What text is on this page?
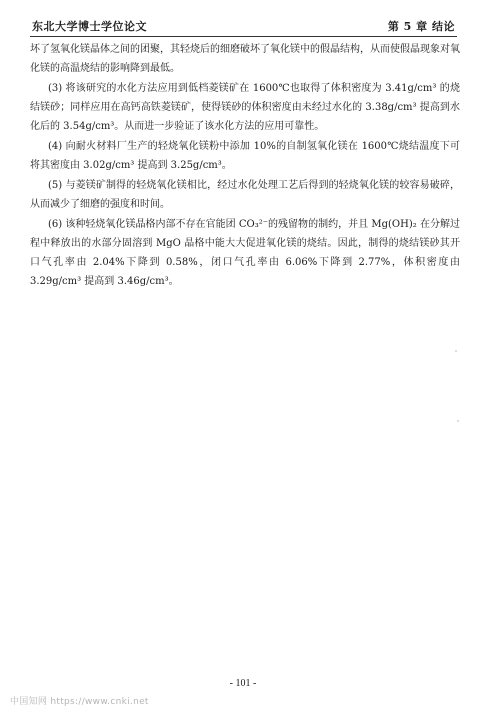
东北大学博士学位论文	第 5 章 结论

坏了氢氧化镁晶体之间的团聚，其轻烧后的细磨破坏了氧化镁中的假晶结构，从而使假晶现象对氧化镁的高温烧结的影响降到最低。

(3) 将该研究的水化方法应用到低档菱镁矿在 1600℃也取得了体积密度为 3.41g/cm³ 的烧结镁砂；同样应用在高钙高铁菱镁矿，使得镁砂的体积密度由未经过水化的 3.38g/cm³ 提高到水化后的 3.54g/cm³。从而进一步验证了该水化方法的应用可靠性。

(4) 向耐火材料厂生产的轻烧氧化镁粉中添加 10%的自制氢氧化镁在 1600℃烧结温度下可将其密度由 3.02g/cm³ 提高到 3.25g/cm³。

(5) 与菱镁矿制得的轻烧氧化镁相比，经过水化处理工艺后得到的轻烧氧化镁的较容易破碎，从而减少了细磨的强度和时间。

(6) 该种轻烧氧化镁晶格内部不存在官能团 CO₃²⁻的残留物的制约，并且 Mg(OH)₂ 在分解过程中释放出的水部分固溶到 MgO 晶格中能大大促进氧化镁的烧结。因此，制得的烧结镁砂其开口气孔率由 2.04%下降到 0.58%，闭口气孔率由 6.06%下降到 2.77%，体积密度由 3.29g/cm³ 提高到 3.46g/cm³。

- 101 -
中国知网 https://www.cnki.net
